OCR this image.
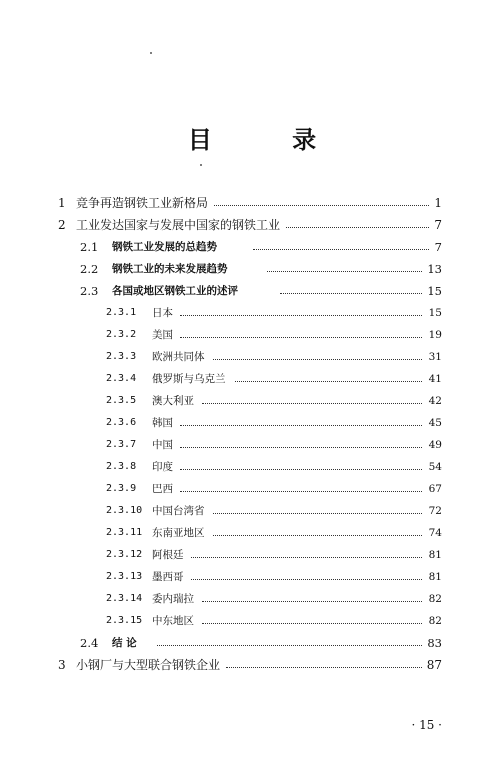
目 录
1 竞争再造钢铁工业新格局	1
2 工业发达国家与发展中国家的钢铁工业	7
2.1 钢铁工业发展的总趋势	7
2.2 钢铁工业的未来发展趋势	13
2.3 各国或地区钢铁工业的述评	15
2.3.1 日本	15
2.3.2 美国	19
2.3.3 欧洲共同体	31
2.3.4 俄罗斯与乌克兰	41
2.3.5 澳大利亚	42
2.3.6 韩国	45
2.3.7 中国	49
2.3.8 印度	54
2.3.9 巴西	67
2.3.10 中国台湾省	72
2.3.11 东南亚地区	74
2.3.12 阿根廷	81
2.3.13 墨西哥	81
2.3.14 委内瑞拉	82
2.3.15 中东地区	82
2.4 结 论	83
3 小钢厂与大型联合钢铁企业	87
· 15 ·
